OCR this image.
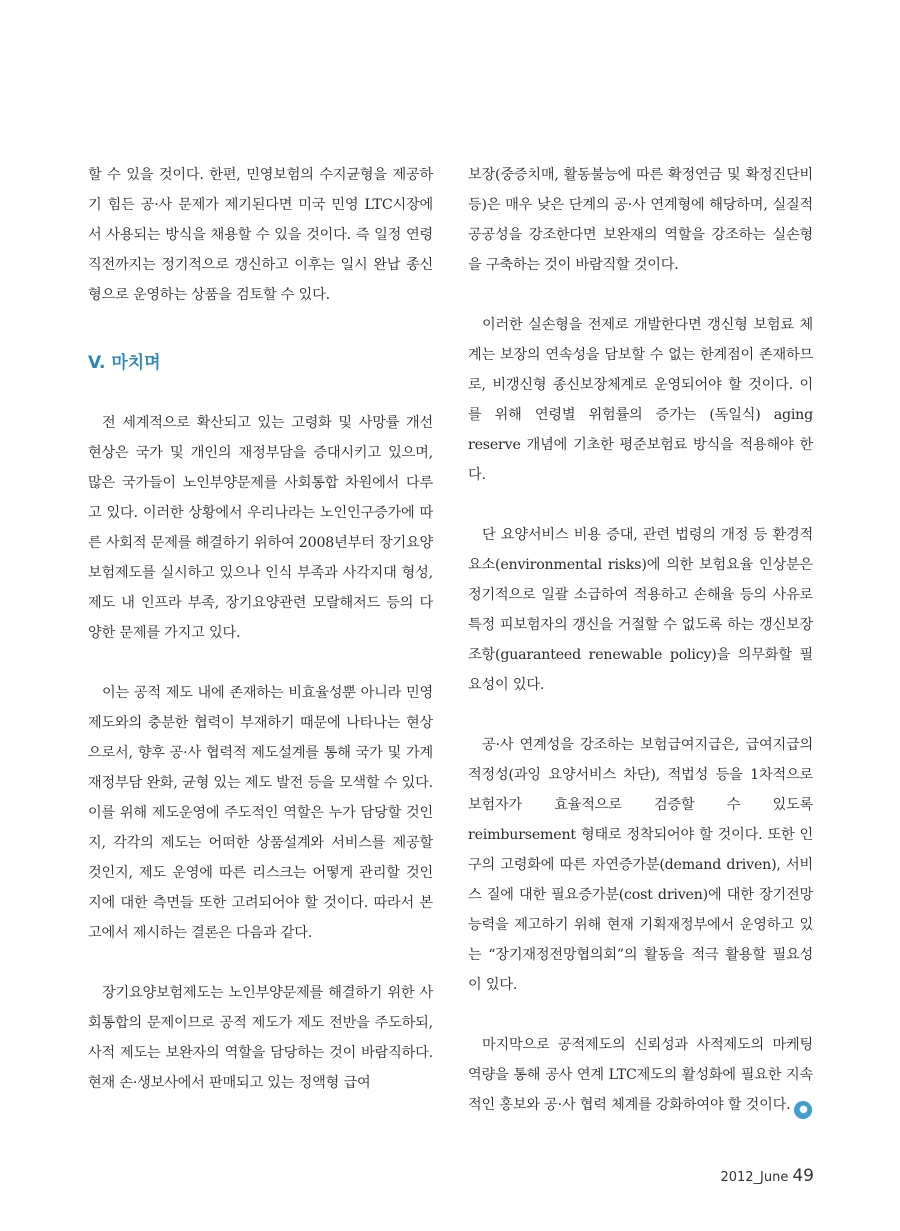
할 수 있을 것이다. 한편, 민영보험의 수지균형을 제공하기 힘든 공·사 문제가 제기된다면 미국 민영 LTC시장에서 사용되는 방식을 채용할 수 있을 것이다. 즉 일정 연령 직전까지는 정기적으로 갱신하고 이후는 일시 완납 종신형으로 운영하는 상품을 검토할 수 있다.

V. 마치며

전 세계적으로 확산되고 있는 고령화 및 사망률 개선 현상은 국가 및 개인의 재정부담을 증대시키고 있으며, 많은 국가들이 노인부양문제를 사회통합 차원에서 다루고 있다. 이러한 상황에서 우리나라는 노인인구증가에 따른 사회적 문제를 해결하기 위하여 2008년부터 장기요양보험제도를 실시하고 있으나 인식 부족과 사각지대 형성, 제도 내 인프라 부족, 장기요양관련 모랄해저드 등의 다양한 문제를 가지고 있다.

이는 공적 제도 내에 존재하는 비효율성뿐 아니라 민영제도와의 충분한 협력이 부재하기 때문에 나타나는 현상으로서, 향후 공·사 협력적 제도설계를 통해 국가 및 가계 재정부담 완화, 균형 있는 제도 발전 등을 모색할 수 있다. 이를 위해 제도운영에 주도적인 역할은 누가 담당할 것인지, 각각의 제도는 어떠한 상품설계와 서비스를 제공할 것인지, 제도 운영에 따른 리스크는 어떻게 관리할 것인지에 대한 측면들 또한 고려되어야 할 것이다. 따라서 본고에서 제시하는 결론은 다음과 같다.

장기요양보험제도는 노인부양문제를 해결하기 위한 사회통합의 문제이므로 공적 제도가 제도 전반을 주도하되, 사적 제도는 보완자의 역할을 담당하는 것이 바람직하다. 현재 손·생보사에서 판매되고 있는 정액형 급여

보장(중증치매, 활동불능에 따른 확정연금 및 확정진단비 등)은 매우 낮은 단계의 공·사 연계형에 해당하며, 실질적 공공성을 강조한다면 보완재의 역할을 강조하는 실손형을 구축하는 것이 바람직할 것이다.

이러한 실손형을 전제로 개발한다면 갱신형 보험료 체계는 보장의 연속성을 담보할 수 없는 한계점이 존재하므로, 비갱신형 종신보장체계로 운영되어야 할 것이다. 이를 위해 연령별 위험률의 증가는 (독일식) aging reserve 개념에 기초한 평준보험료 방식을 적용해야 한다.

단 요양서비스 비용 증대, 관련 법령의 개정 등 환경적 요소(environmental risks)에 의한 보험요율 인상분은 정기적으로 일괄 소급하여 적용하고 손해율 등의 사유로 특정 피보험자의 갱신을 거절할 수 없도록 하는 갱신보장조항(guaranteed renewable policy)을 의무화할 필요성이 있다.

공·사 연계성을 강조하는 보험급여지급은, 급여지급의 적정성(과잉 요양서비스 차단), 적법성 등을 1차적으로 보험자가 효율적으로 검증할 수 있도록 reimbursement 형태로 정착되어야 할 것이다. 또한 인구의 고령화에 따른 자연증가분(demand driven), 서비스 질에 대한 필요증가분(cost driven)에 대한 장기전망 능력을 제고하기 위해 현재 기획재정부에서 운영하고 있는 “장기재정전망협의회”의 활동을 적극 활용할 필요성이 있다.

마지막으로 공적제도의 신뢰성과 사적제도의 마케팅 역량을 통해 공사 연계 LTC제도의 활성화에 필요한 지속적인 홍보와 공·사 협력 체계를 강화하여야 할 것이다. ●

2012_June 49
